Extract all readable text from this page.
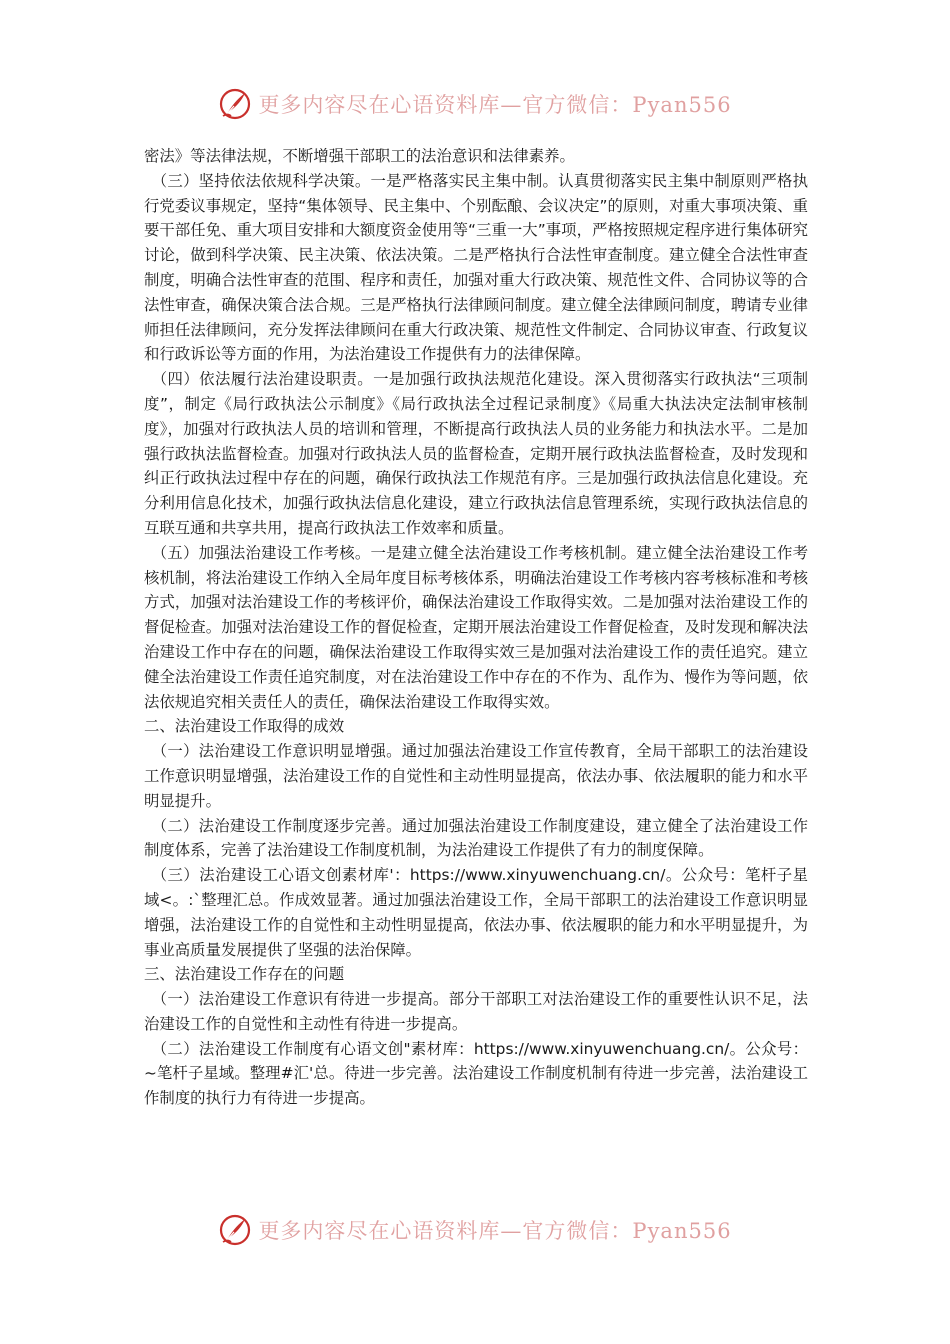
更多内容尽在心语资料库—官方微信：Pyan556

密法》等法律法规，不断增强干部职工的法治意识和法律素养。

（三）坚持依法依规科学决策。一是严格落实民主集中制。认真贯彻落实民主集中制原则严格执行党委议事规定，坚持“集体领导、民主集中、个别酝酿、会议决定”的原则，对重大事项决策、重要干部任免、重大项目安排和大额度资金使用等“三重一大”事项，严格按照规定程序进行集体研究讨论，做到科学决策、民主决策、依法决策。二是严格执行合法性审查制度。建立健全合法性审查制度，明确合法性审查的范围、程序和责任，加强对重大行政决策、规范性文件、合同协议等的合法性审查，确保决策合法合规。三是严格执行法律顾问制度。建立健全法律顾问制度，聘请专业律师担任法律顾问，充分发挥法律顾问在重大行政决策、规范性文件制定、合同协议审查、行政复议和行政诉讼等方面的作用，为法治建设工作提供有力的法律保障。

（四）依法履行法治建设职责。一是加强行政执法规范化建设。深入贯彻落实行政执法“三项制度”，制定《局行政执法公示制度》《局行政执法全过程记录制度》《局重大执法决定法制审核制度》，加强对行政执法人员的培训和管理，不断提高行政执法人员的业务能力和执法水平。二是加强行政执法监督检查。加强对行政执法人员的监督检查，定期开展行政执法监督检查，及时发现和纠正行政执法过程中存在的问题，确保行政执法工作规范有序。三是加强行政执法信息化建设。充分利用信息化技术，加强行政执法信息化建设，建立行政执法信息管理系统，实现行政执法信息的互联互通和共享共用，提高行政执法工作效率和质量。

（五）加强法治建设工作考核。一是建立健全法治建设工作考核机制。建立健全法治建设工作考核机制，将法治建设工作纳入全局年度目标考核体系，明确法治建设工作考核内容考核标准和考核方式，加强对法治建设工作的考核评价，确保法治建设工作取得实效。二是加强对法治建设工作的督促检查。加强对法治建设工作的督促检查，定期开展法治建设工作督促检查，及时发现和解决法治建设工作中存在的问题，确保法治建设工作取得实效三是加强对法治建设工作的责任追究。建立健全法治建设工作责任追究制度，对在法治建设工作中存在的不作为、乱作为、慢作为等问题，依法依规追究相关责任人的责任，确保法治建设工作取得实效。

二、法治建设工作取得的成效

（一）法治建设工作意识明显增强。通过加强法治建设工作宣传教育，全局干部职工的法治建设工作意识明显增强，法治建设工作的自觉性和主动性明显提高，依法办事、依法履职的能力和水平明显提升。

（二）法治建设工作制度逐步完善。通过加强法治建设工作制度建设，建立健全了法治建设工作制度体系，完善了法治建设工作制度机制，为法治建设工作提供了有力的制度保障。

（三）法治建设工心语文创素材库'：https://www.xinyuwenchuang.cn/。公众号：笔杆子星域<。:`整理汇总。作成效显著。通过加强法治建设工作，全局干部职工的法治建设工作意识明显增强，法治建设工作的自觉性和主动性明显提高，依法办事、依法履职的能力和水平明显提升，为事业高质量发展提供了坚强的法治保障。

三、法治建设工作存在的问题

（一）法治建设工作意识有待进一步提高。部分干部职工对法治建设工作的重要性认识不足，法治建设工作的自觉性和主动性有待进一步提高。

（二）法治建设工作制度有心语文创"素材库：https://www.xinyuwenchuang.cn/。公众号：~笔杆子星域。整理#汇'总。待进一步完善。法治建设工作制度机制有待进一步完善，法治建设工作制度的执行力有待进一步提高。

更多内容尽在心语资料库—官方微信：Pyan556
